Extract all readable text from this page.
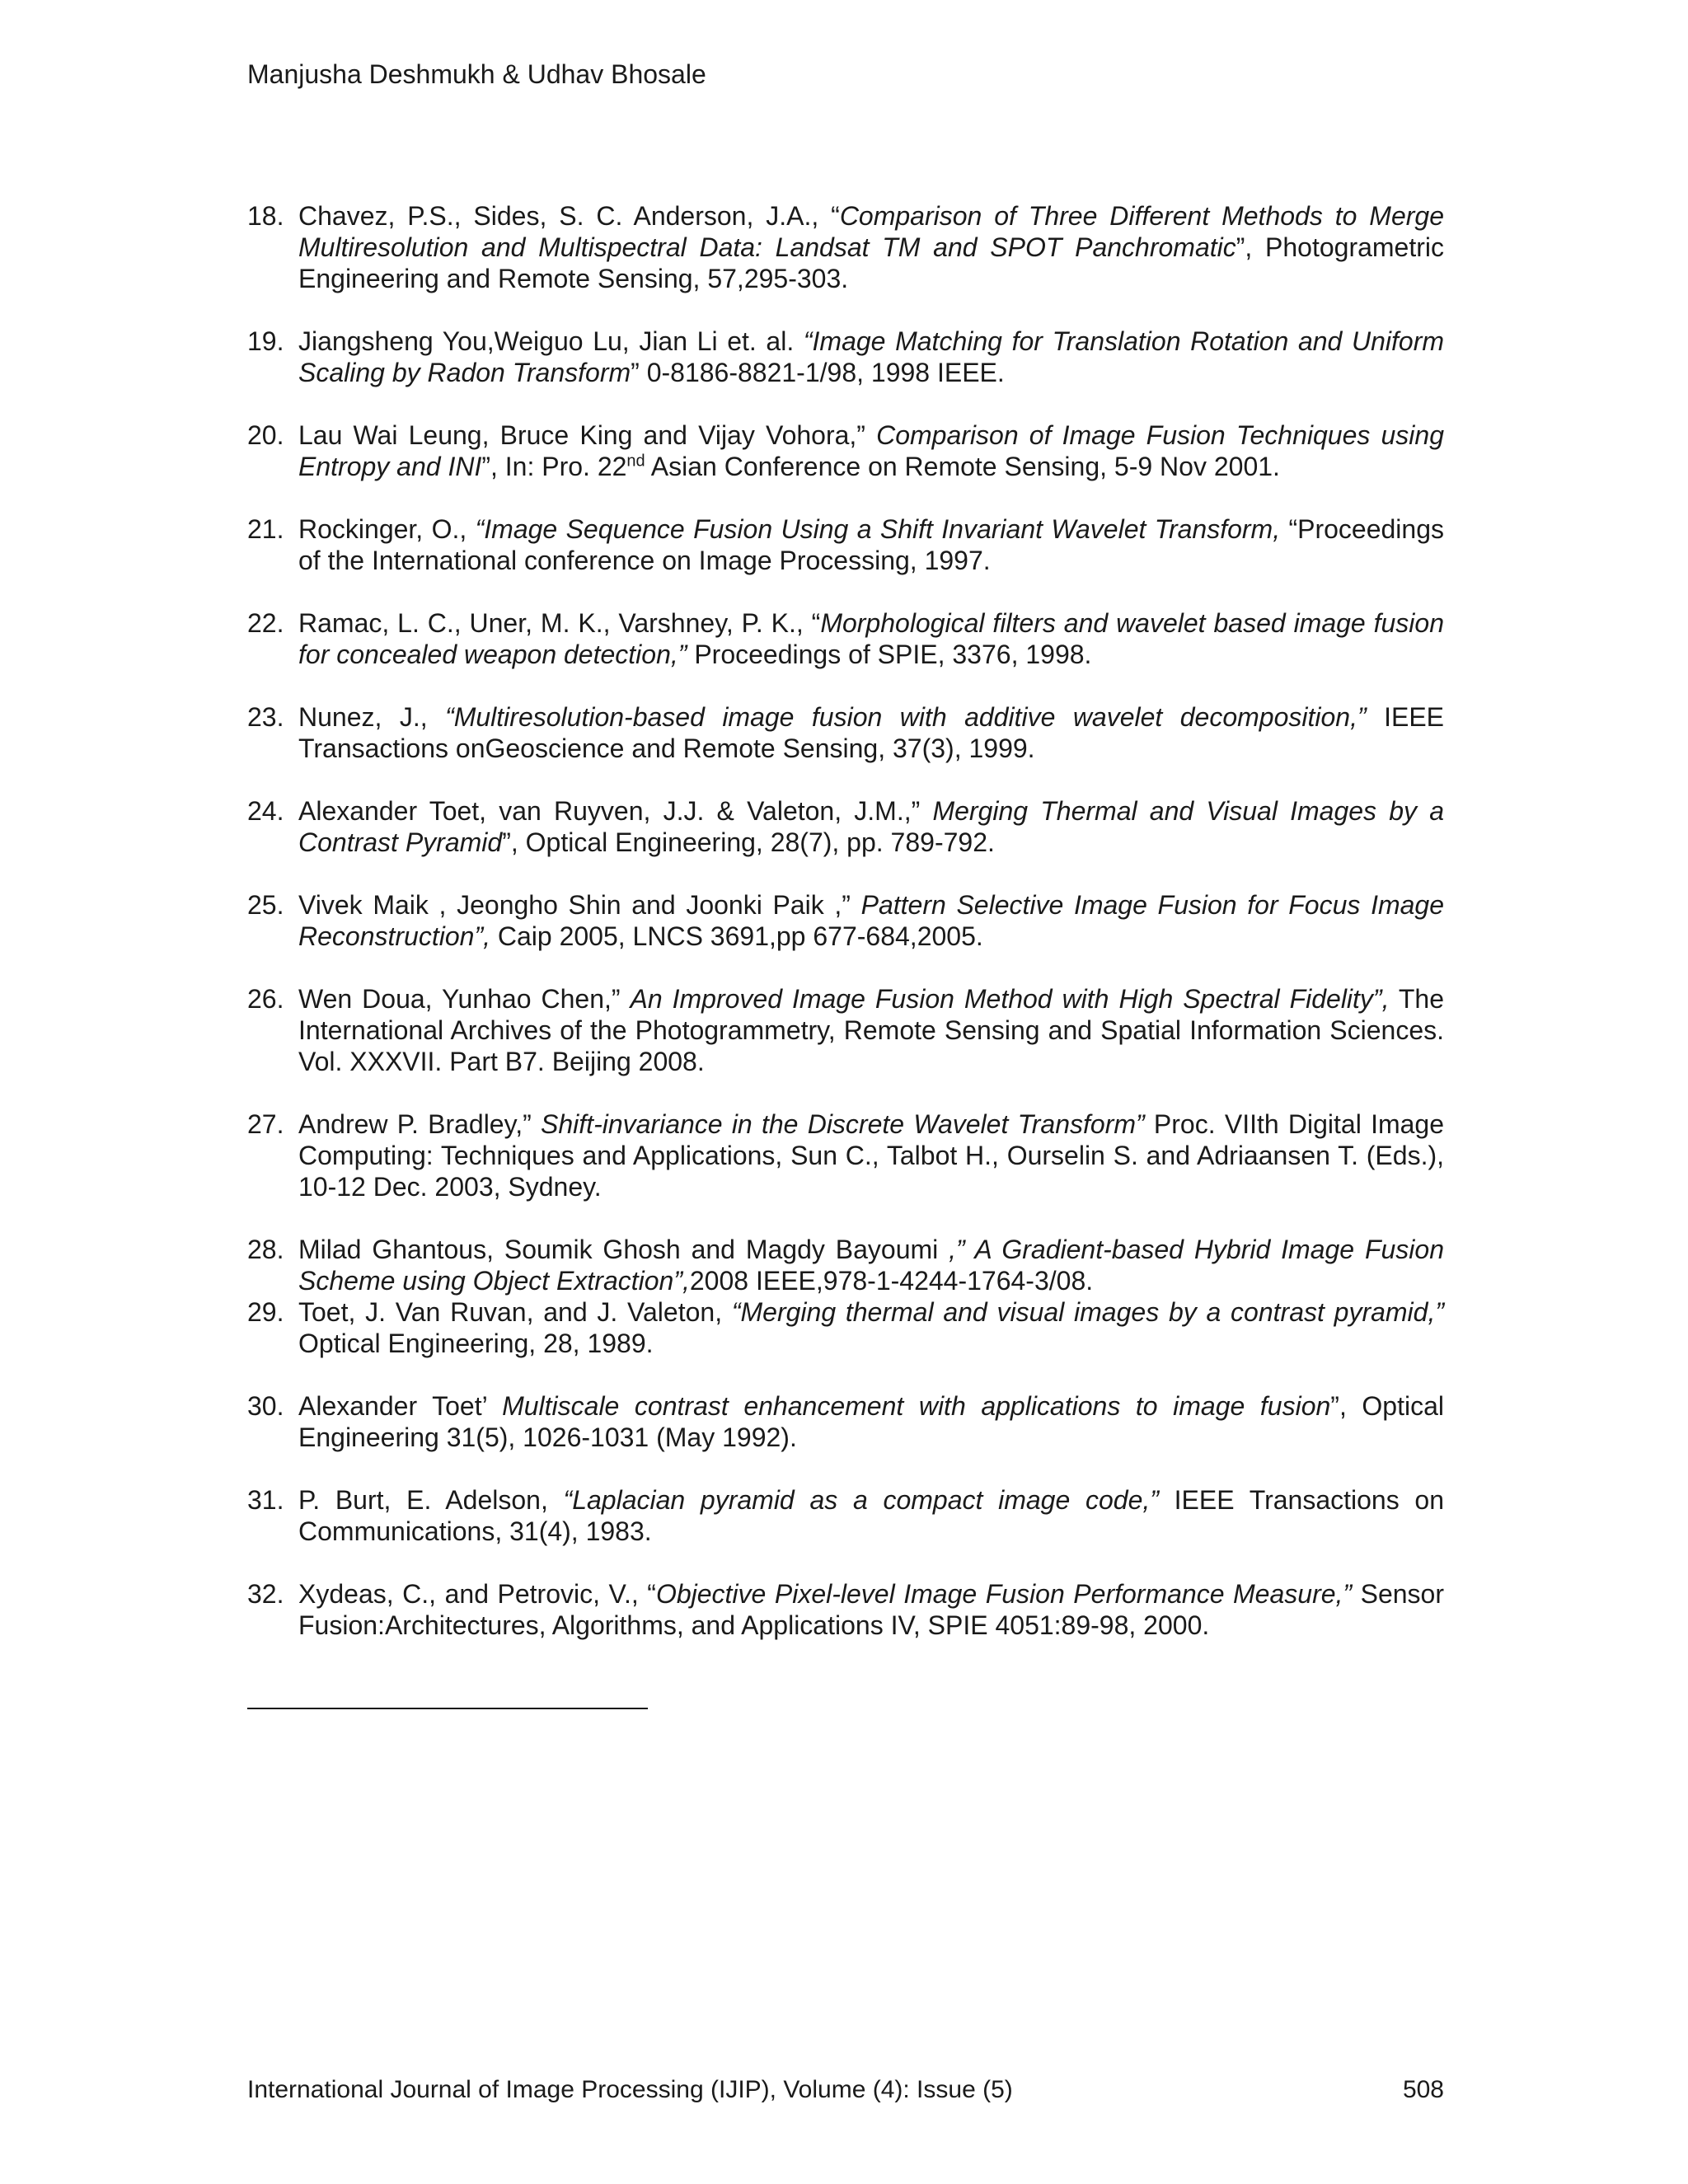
Manjusha Deshmukh & Udhav Bhosale
18. Chavez, P.S., Sides, S. C. Anderson, J.A., “Comparison of Three Different Methods to Merge Multiresolution and Multispectral Data: Landsat TM and SPOT Panchromatic”, Photogrametric Engineering and Remote Sensing, 57,295-303.
19. Jiangsheng You,Weiguo Lu, Jian Li et. al. “Image Matching for Translation Rotation and Uniform Scaling by Radon Transform” 0-8186-8821-1/98, 1998 IEEE.
20. Lau Wai Leung, Bruce King and Vijay Vohora,” Comparison of Image Fusion Techniques using Entropy and INI”, In: Pro. 22nd Asian Conference on Remote Sensing, 5-9 Nov 2001.
21. Rockinger, O., “Image Sequence Fusion Using a Shift Invariant Wavelet Transform, “Proceedings of the International conference on Image Processing, 1997.
22. Ramac, L. C., Uner, M. K., Varshney, P. K., “Morphological filters and wavelet based image fusion for concealed weapon detection,” Proceedings of SPIE, 3376, 1998.
23. Nunez, J., “Multiresolution-based image fusion with additive wavelet decomposition,” IEEE Transactions onGeoscience and Remote Sensing, 37(3), 1999.
24. Alexander Toet, van Ruyven, J.J. & Valeton, J.M.,” Merging Thermal and Visual Images by a Contrast Pyramid”, Optical Engineering, 28(7), pp. 789-792.
25. Vivek Maik , Jeongho Shin and Joonki Paik ,” Pattern Selective Image Fusion for Focus Image Reconstruction”, Caip 2005, LNCS 3691,pp 677-684,2005.
26. Wen Doua, Yunhao Chen,” An Improved Image Fusion Method with High Spectral Fidelity”, The International Archives of the Photogrammetry, Remote Sensing and Spatial Information Sciences. Vol. XXXVII. Part B7. Beijing 2008.
27. Andrew P. Bradley,” Shift-invariance in the Discrete Wavelet Transform” Proc. VIIth Digital Image Computing: Techniques and Applications, Sun C., Talbot H., Ourselin S. and Adriaansen T. (Eds.), 10-12 Dec. 2003, Sydney.
28. Milad Ghantous, Soumik Ghosh and Magdy Bayoumi ,” A Gradient-based Hybrid Image Fusion Scheme using Object Extraction”,2008 IEEE,978-1-4244-1764-3/08.
29. Toet, J. Van Ruvan, and J. Valeton, “Merging thermal and visual images by a contrast pyramid,” Optical Engineering, 28, 1989.
30. Alexander Toet’ Multiscale contrast enhancement with applications to image fusion”, Optical Engineering 31(5), 1026-1031 (May 1992).
31. P. Burt, E. Adelson, “Laplacian pyramid as a compact image code,” IEEE Transactions on Communications, 31(4), 1983.
32. Xydeas, C., and Petrovic, V., “Objective Pixel-level Image Fusion Performance Measure,” Sensor Fusion:Architectures, Algorithms, and Applications IV, SPIE 4051:89-98, 2000.
International Journal of Image Processing (IJIP), Volume (4): Issue (5)	508
